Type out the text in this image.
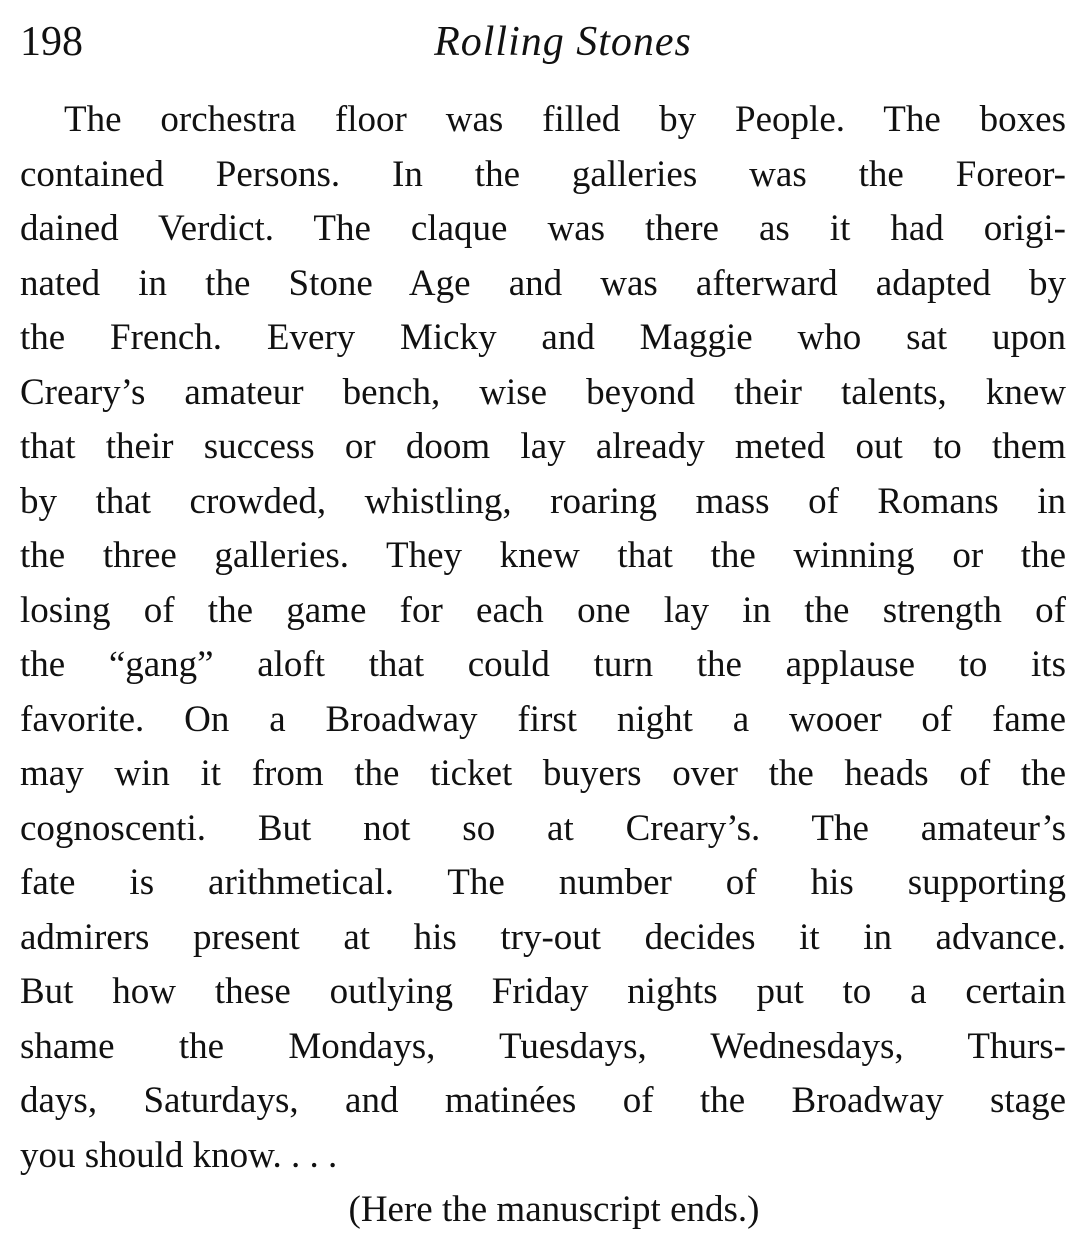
198	Rolling Stones
The orchestra floor was filled by People. The boxes
contained Persons. In the galleries was the Foreor-
dained Verdict. The claque was there as it had origi-
nated in the Stone Age and was afterward adapted by
the French. Every Micky and Maggie who sat upon
Creary’s amateur bench, wise beyond their talents, knew
that their success or doom lay already meted out to them
by that crowded, whistling, roaring mass of Romans in
the three galleries. They knew that the winning or the
losing of the game for each one lay in the strength of
the “gang” aloft that could turn the applause to its
favorite. On a Broadway first night a wooer of fame
may win it from the ticket buyers over the heads of the
cognoscenti. But not so at Creary’s. The amateur’s
fate is arithmetical. The number of his supporting
admirers present at his try-out decides it in advance.
But how these outlying Friday nights put to a certain
shame the Mondays, Tuesdays, Wednesdays, Thurs-
days, Saturdays, and matinées of the Broadway stage
you should know. . . .
(Here the manuscript ends.)
